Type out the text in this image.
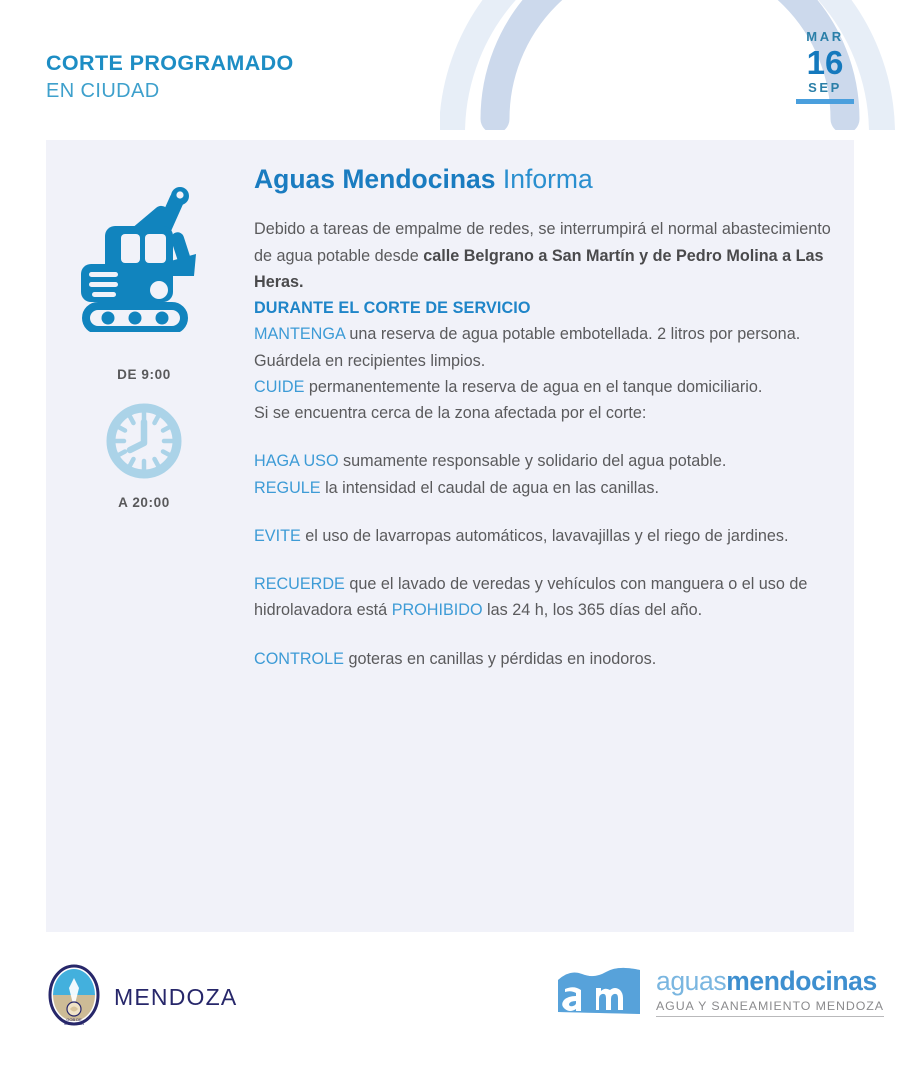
CORTE PROGRAMADO
EN CIUDAD
MAR
16
SEP
DE 9:00
A 20:00
Aguas Mendocinas Informa

Debido a tareas de empalme de redes, se interrumpirá el normal abastecimiento de agua potable desde calle Belgrano a San Martín y de Pedro Molina a Las Heras.

DURANTE EL CORTE DE SERVICIO

MANTENGA una reserva de agua potable embotellada. 2 litros por persona. Guárdela en recipientes limpios.

CUIDE permanentemente la reserva de agua en el tanque domiciliario.

Si se encuentra cerca de la zona afectada por el corte:

HAGA USO sumamente responsable y solidario del agua potable.

REGULE la intensidad el caudal de agua en las canillas.

EVITE el uso de lavarropas automáticos, lavavajillas y el riego de jardines.

RECUERDE que el lavado de veredas y vehículos con manguera o el uso de hidrolavadora está PROHIBIDO las 24 h, los 365 días del año.

CONTROLE goteras en canillas y pérdidas en inodoros.

GOB DE
MENDOZA
MENDOZA
aguasmendocinas
AGUA Y SANEAMIENTO MENDOZA
